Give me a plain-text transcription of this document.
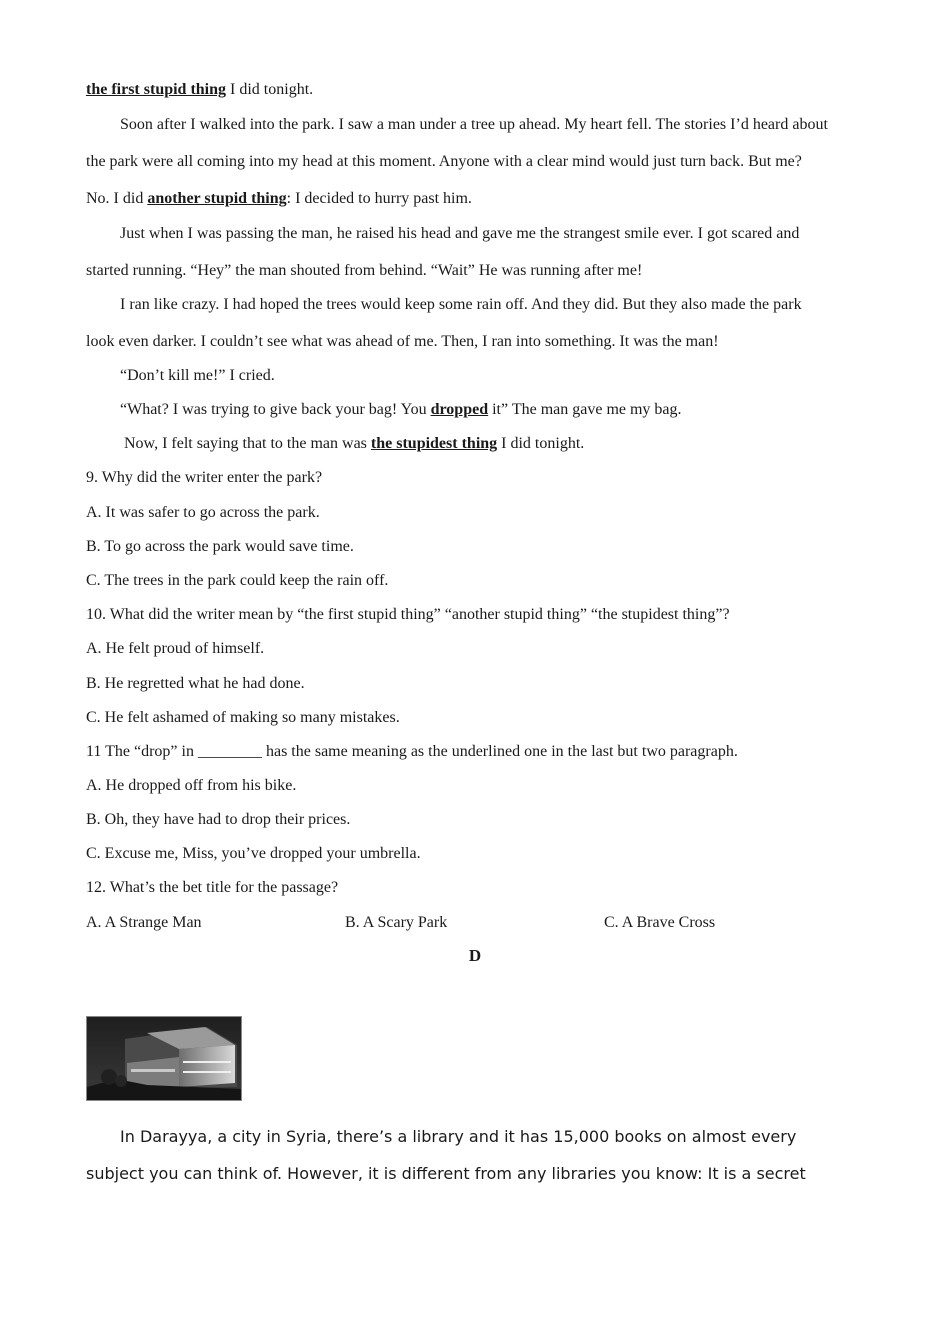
the first stupid thing I did tonight.
Soon after I walked into the park. I saw a man under a tree up ahead. My heart fell. The stories I’d heard about
the park were all coming into my head at this moment. Anyone with a clear mind would just turn back. But me?
No. I did another stupid thing: I decided to hurry past him.
Just when I was passing the man, he raised his head and gave me the strangest smile ever. I got scared and
started running. “Hey” the man shouted from behind. “Wait” He was running after me!
I ran like crazy. I had hoped the trees would keep some rain off. And they did. But they also made the park
look even darker. I couldn’t see what was ahead of me. Then, I ran into something. It was the man!
“Don’t kill me!” I cried.
“What? I was trying to give back your bag! You dropped it” The man gave me my bag.
Now, I felt saying that to the man was the stupidest thing I did tonight.
9. Why did the writer enter the park?
A. It was safer to go across the park.
B. To go across the park would save time.
C. The trees in the park could keep the rain off.
10. What did the writer mean by “the first stupid thing” “another stupid thing” “the stupidest thing”?
A. He felt proud of himself.
B. He regretted what he had done.
C. He felt ashamed of making so many mistakes.
11 The “drop” in ________ has the same meaning as the underlined one in the last but two paragraph.
A. He dropped off from his bike.
B. Oh, they have had to drop their prices.
C. Excuse me, Miss, you’ve dropped your umbrella.
12. What’s the bet title for the passage?
A. A Strange Man	B. A Scary Park	C. A Brave Cross
D
In Darayya, a city in Syria, there’s a library and it has 15,000 books on almost every
subject you can think of. However, it is different from any libraries you know: It is a secret
